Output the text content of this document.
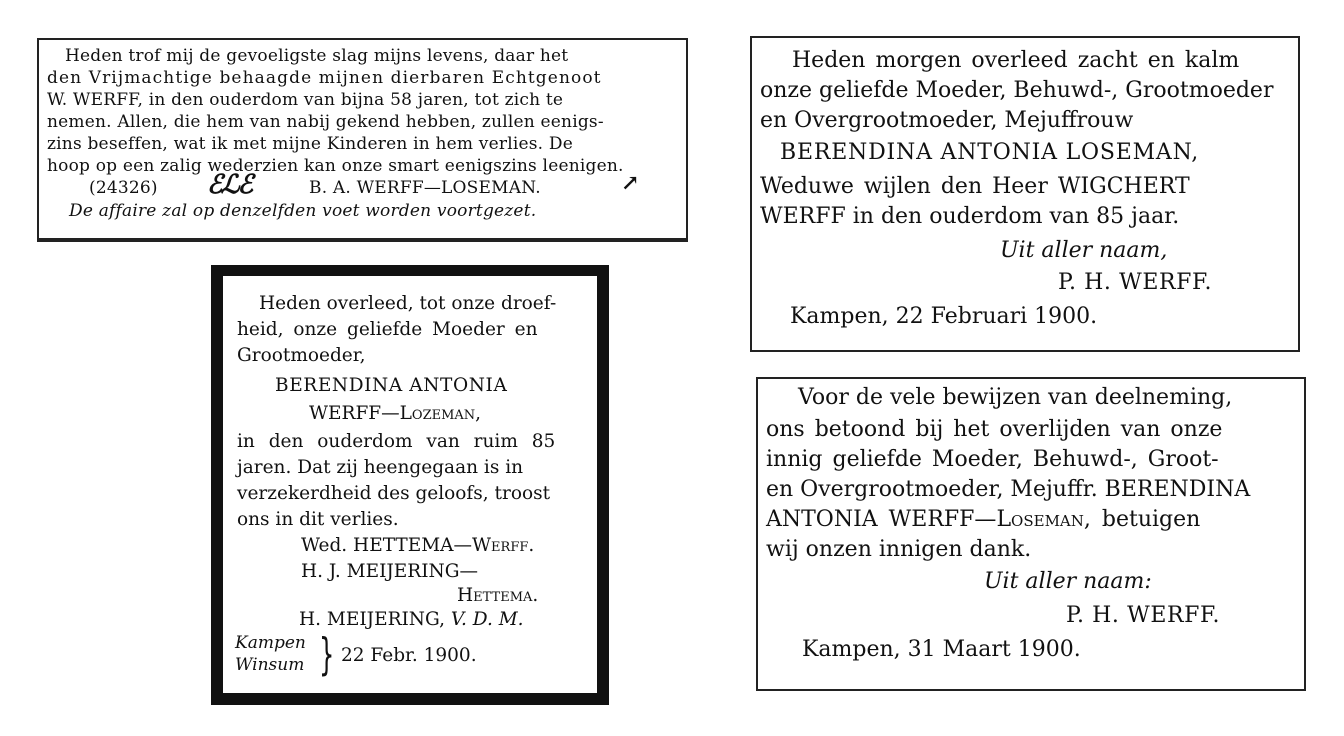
Heden trof mij de gevoeligste slag mijns levens, daar het
den Vrijmachtige behaagde mijnen dierbaren Echtgenoot
W. WERFF, in den ouderdom van bijna 58 jaren, tot zich te
nemen. Allen, die hem van nabij gekend hebben, zullen eenigs-
zins beseffen, wat ik met mijne Kinderen in hem verlies. De
hoop op een zalig wederzien kan onze smart eenigszins leenigen.
(24326) ℰℒℰ	B. A. WERFF—LOSEMAN.	↗
De affaire zal op denzelfden voet worden voortgezet.
Heden overleed, tot onze droef-
heid, onze geliefde Moeder en
Grootmoeder,
BERENDINA ANTONIA
WERFF—Lozeman,
in den ouderdom van ruim 85
jaren. Dat zij heengegaan is in
verzekerdheid des geloofs, troost
ons in dit verlies.
Wed. HETTEMA—Werff.
H. J. MEIJERING—
Hettema.
H. MEIJERING, V. D. M.
Kampen
Winsum } 22 Febr. 1900.
Heden morgen overleed zacht en kalm
onze geliefde Moeder, Behuwd-, Grootmoeder
en Overgrootmoeder, Mejuffrouw
BERENDINA ANTONIA LOSEMAN,
Weduwe wijlen den Heer WIGCHERT
WERFF in den ouderdom van 85 jaar.
Uit aller naam,
P. H. WERFF.
Kampen, 22 Februari 1900.
Voor de vele bewijzen van deelneming,
ons betoond bij het overlijden van onze
innig geliefde Moeder, Behuwd-, Groot-
en Overgrootmoeder, Mejuffr. BERENDINA
ANTONIA WERFF—Loseman, betuigen
wij onzen innigen dank.
Uit aller naam:
P. H. WERFF.
Kampen, 31 Maart 1900.
